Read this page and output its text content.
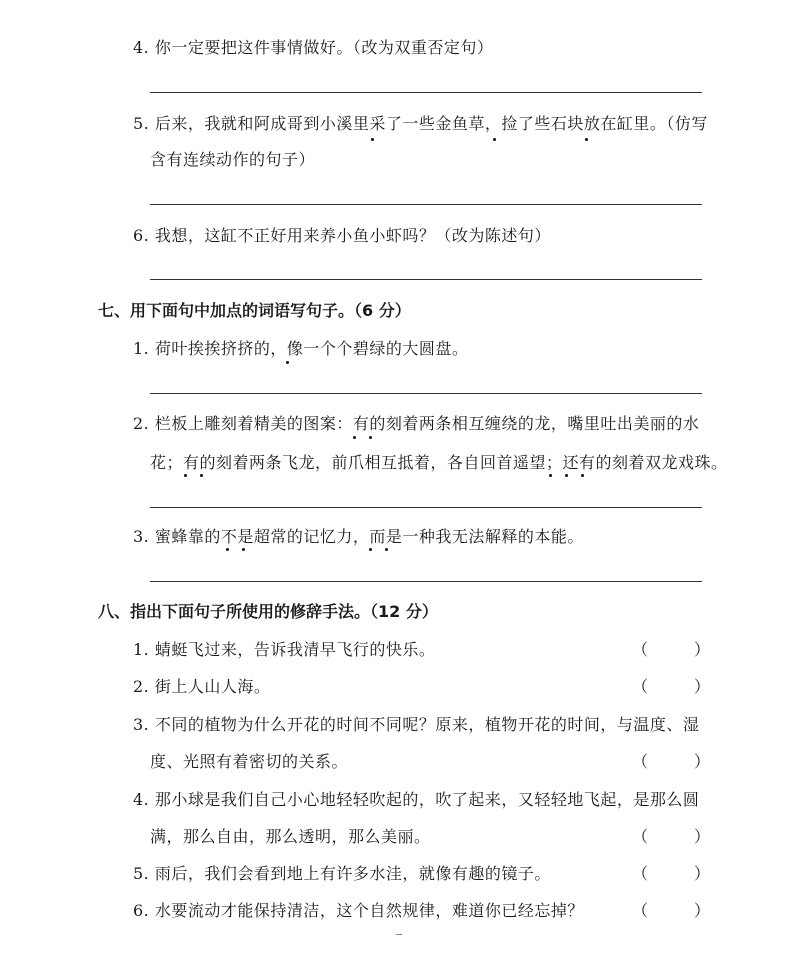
4. 你一定要把这件事情做好。（改为双重否定句）
5. 后来，我就和阿成哥到小溪里采了一些金鱼草，捡了些石块放在缸里。（仿写
含有连续动作的句子）
6. 我想，这缸不正好用来养小鱼小虾吗？（改为陈述句）
七、用下面句中加点的词语写句子。（6 分）
1. 荷叶挨挨挤挤的，像一个个碧绿的大圆盘。
2. 栏板上雕刻着精美的图案：有的刻着两条相互缠绕的龙，嘴里吐出美丽的水
花；有的刻着两条飞龙，前爪相互抵着，各自回首遥望；还有的刻着双龙戏珠。
3. 蜜蜂靠的不是超常的记忆力，而是一种我无法解释的本能。
八、指出下面句子所使用的修辞手法。（12 分）
1. 蜻蜓飞过来，告诉我清早飞行的快乐。	（	）
2. 街上人山人海。	（	）
3. 不同的植物为什么开花的时间不同呢？原来，植物开花的时间，与温度、湿
度、光照有着密切的关系。	（	）
4. 那小球是我们自己小心地轻轻吹起的，吹了起来，又轻轻地飞起，是那么圆
满，那么自由，那么透明，那么美丽。	（	）
5. 雨后，我们会看到地上有许多水洼，就像有趣的镜子。	（	）
6. 水要流动才能保持清洁，这个自然规律，难道你已经忘掉？	（	）
